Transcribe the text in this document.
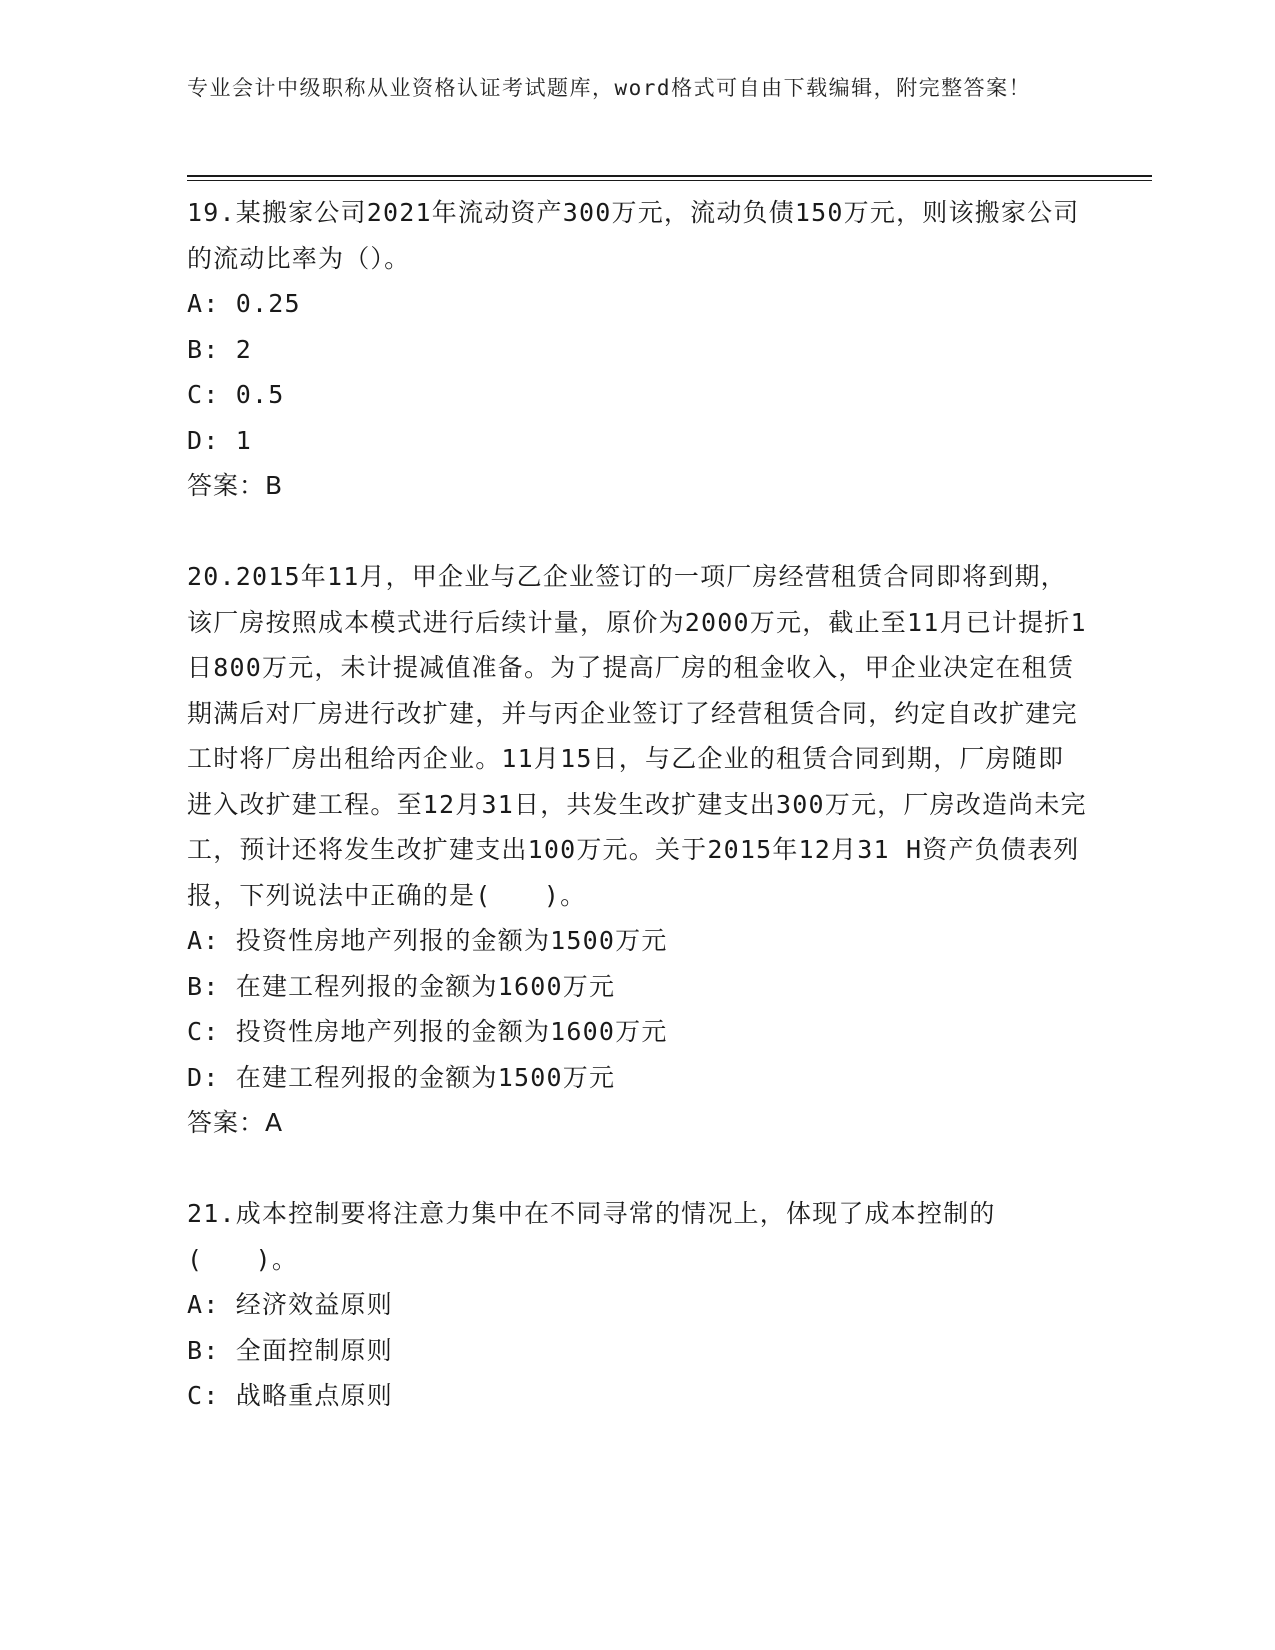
专业会计中级职称从业资格认证考试题库，word格式可自由下载编辑，附完整答案！

19.某搬家公司2021年流动资产300万元，流动负债150万元，则该搬家公司的流动比率为（）。

A: 0.25

B: 2

C: 0.5

D: 1

答案：B

20.2015年11月，甲企业与乙企业签订的一项厂房经营租赁合同即将到期，该厂房按照成本模式进行后续计量，原价为2000万元，截止至11月已计提折1日800万元，未计提减值准备。为了提高厂房的租金收入，甲企业决定在租赁期满后对厂房进行改扩建，并与丙企业签订了经营租赁合同，约定自改扩建完工时将厂房出租给丙企业。11月15日，与乙企业的租赁合同到期，厂房随即进入改扩建工程。至12月31日，共发生改扩建支出300万元，厂房改造尚未完工，预计还将发生改扩建支出100万元。关于2015年12月31 H资产负债表列报，下列说法中正确的是(　　)。

A: 投资性房地产列报的金额为1500万元

B: 在建工程列报的金额为1600万元

C: 投资性房地产列报的金额为1600万元

D: 在建工程列报的金额为1500万元

答案：A

21.成本控制要将注意力集中在不同寻常的情况上，体现了成本控制的(　　)。

A: 经济效益原则

B: 全面控制原则

C: 战略重点原则
